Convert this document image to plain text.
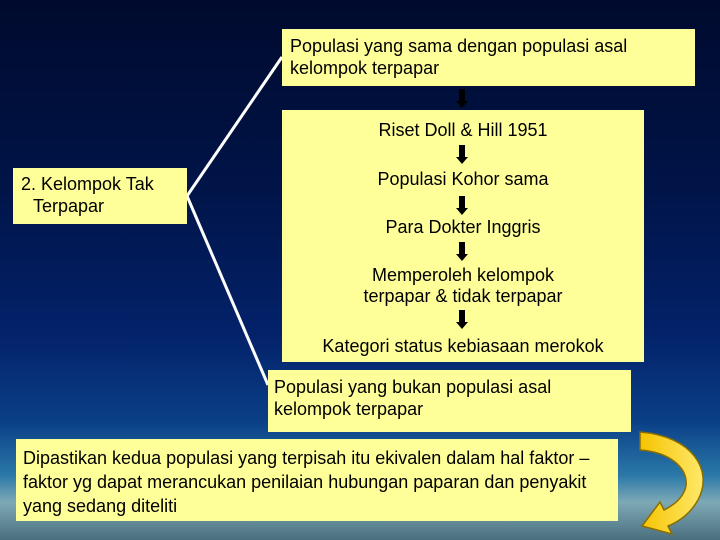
Populasi yang sama dengan populasi asal kelompok terpapar
2. Kelompok Tak Terpapar
Riset Doll & Hill 1951
Populasi Kohor sama
Para Dokter Inggris
Memperoleh kelompok terpapar & tidak terpapar
Kategori status kebiasaan merokok
Populasi yang bukan populasi asal kelompok terpapar
Dipastikan kedua populasi yang terpisah itu ekivalen dalam hal faktor – faktor yg dapat merancukan penilaian hubungan paparan dan penyakit yang sedang diteliti
